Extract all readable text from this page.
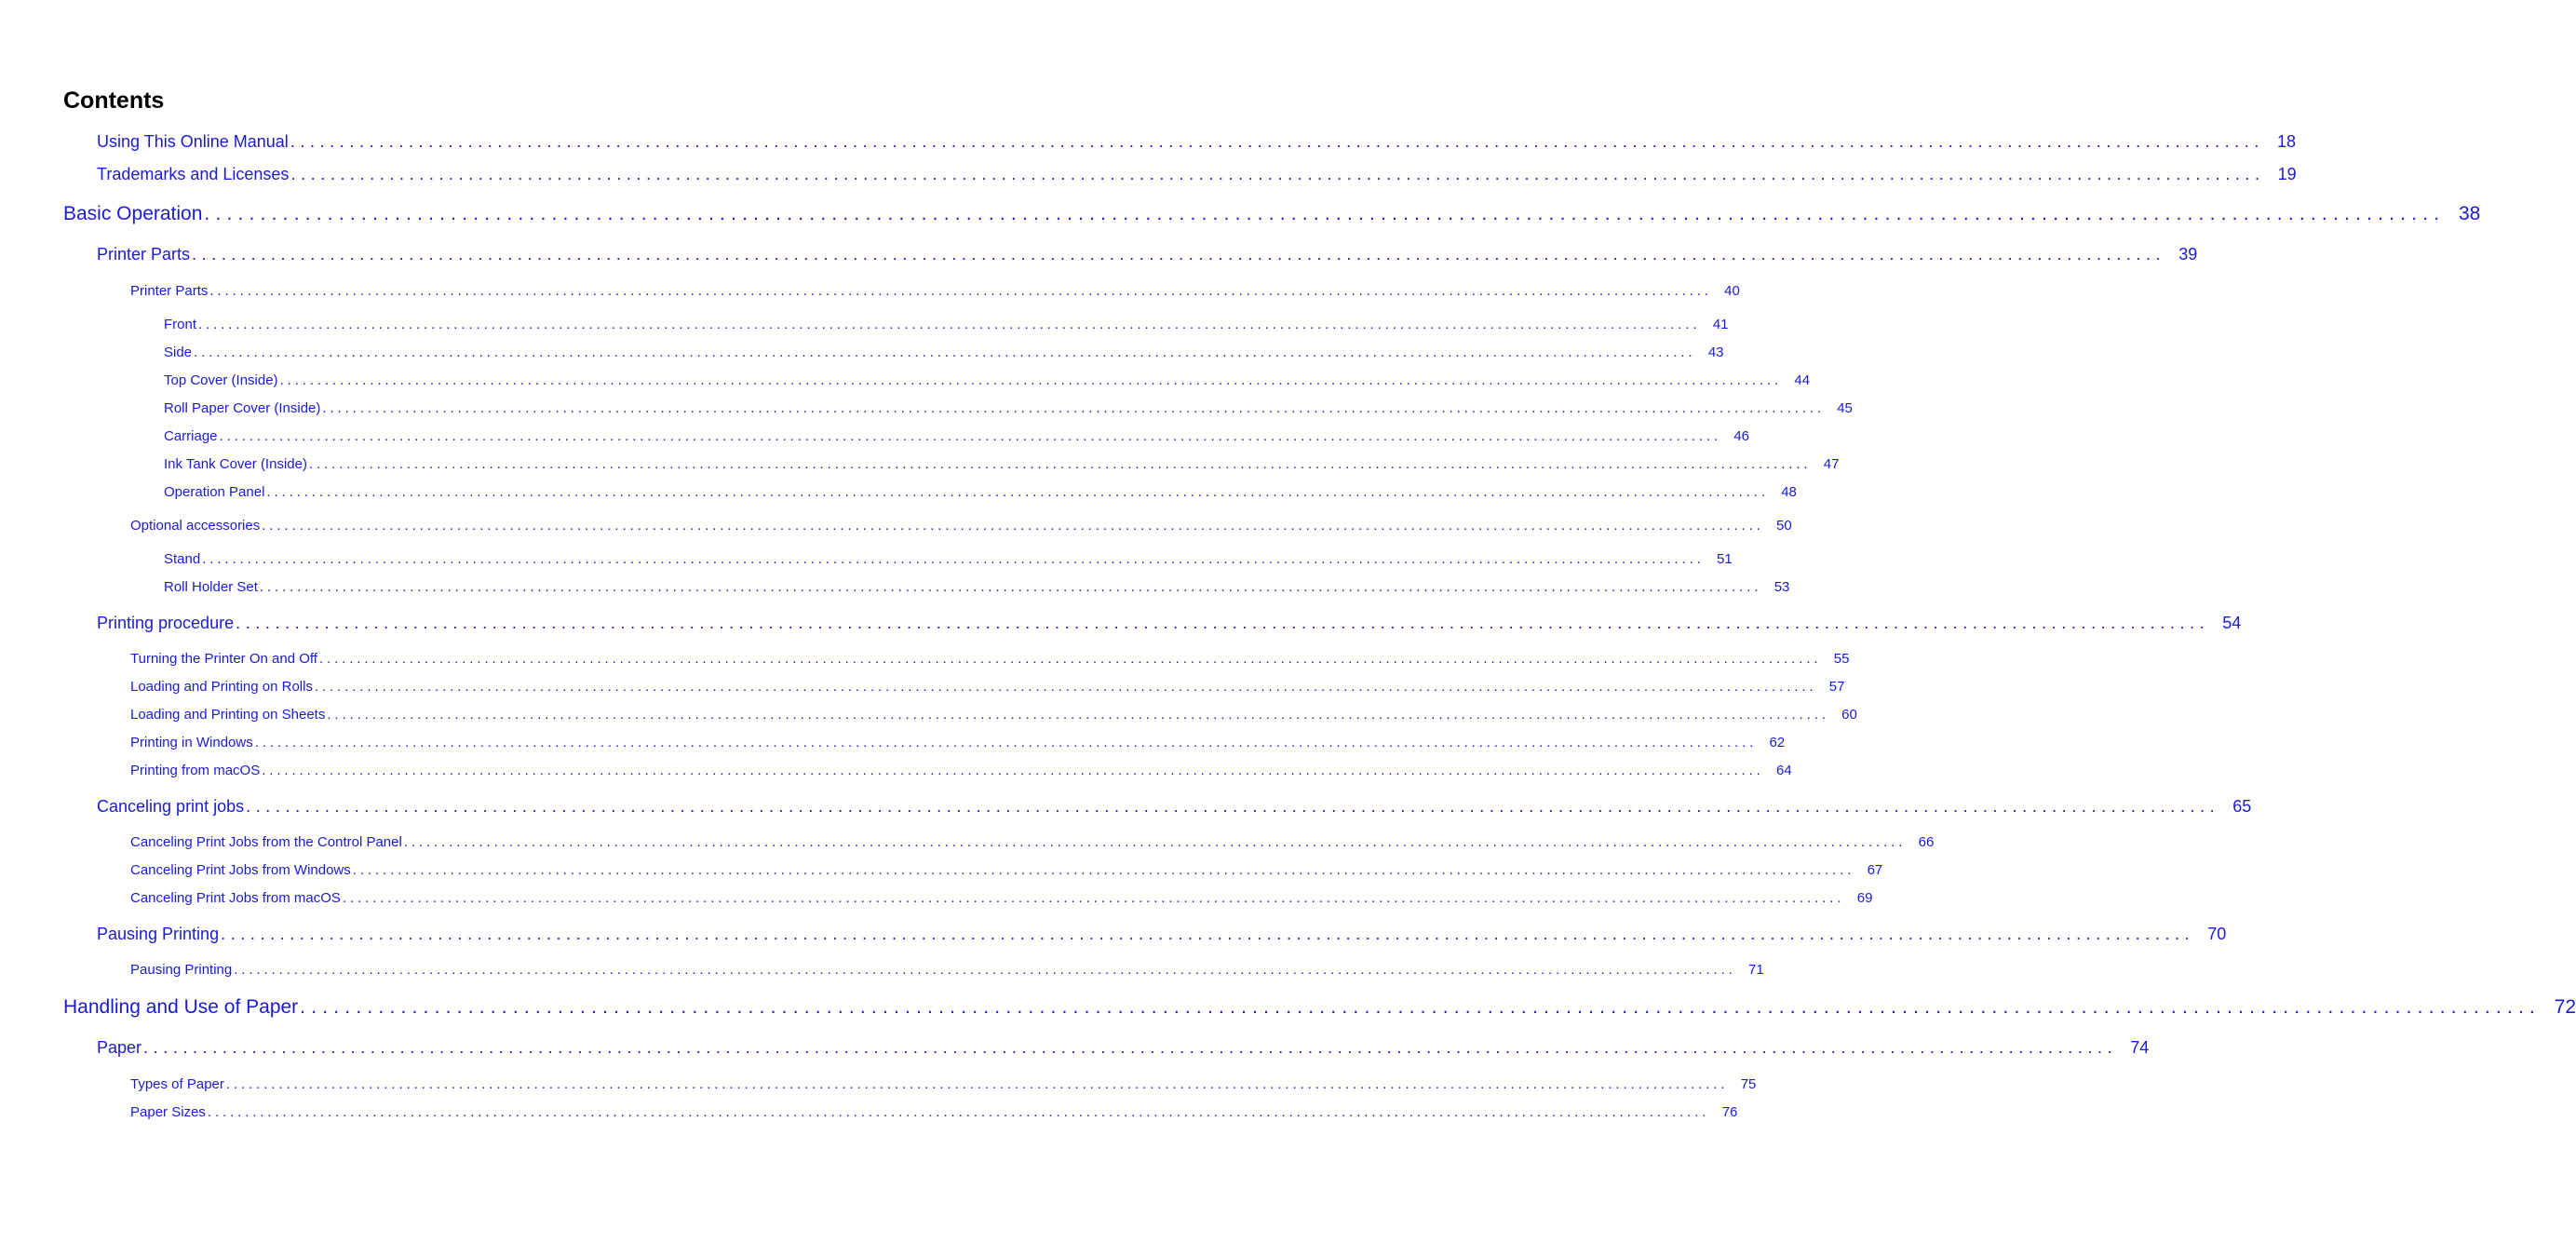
Contents
Using This Online Manual ........................................................................................................................................................................................................ 18
Trademarks and Licenses ........................................................................................................................................................................................................ 19
Basic Operation ........................................................................................................................................................................................................ 38
Printer Parts ........................................................................................................................................................................................................ 39
Printer Parts ........................................................................................................................................................................................................ 40
Front ........................................................................................................................................................................................................ 41
Side ........................................................................................................................................................................................................ 43
Top Cover (Inside) ........................................................................................................................................................................................................ 44
Roll Paper Cover (Inside) ........................................................................................................................................................................................................ 45
Carriage ........................................................................................................................................................................................................ 46
Ink Tank Cover (Inside) ........................................................................................................................................................................................................ 47
Operation Panel ........................................................................................................................................................................................................ 48
Optional accessories ........................................................................................................................................................................................................ 50
Stand ........................................................................................................................................................................................................ 51
Roll Holder Set ........................................................................................................................................................................................................ 53
Printing procedure ........................................................................................................................................................................................................ 54
Turning the Printer On and Off ........................................................................................................................................................................................................ 55
Loading and Printing on Rolls ........................................................................................................................................................................................................ 57
Loading and Printing on Sheets ........................................................................................................................................................................................................ 60
Printing in Windows ........................................................................................................................................................................................................ 62
Printing from macOS ........................................................................................................................................................................................................ 64
Canceling print jobs ........................................................................................................................................................................................................ 65
Canceling Print Jobs from the Control Panel ........................................................................................................................................................................................................ 66
Canceling Print Jobs from Windows ........................................................................................................................................................................................................ 67
Canceling Print Jobs from macOS ........................................................................................................................................................................................................ 69
Pausing Printing ........................................................................................................................................................................................................ 70
Pausing Printing ........................................................................................................................................................................................................ 71
Handling and Use of Paper ........................................................................................................................................................................................................ 72
Paper ........................................................................................................................................................................................................ 74
Types of Paper ........................................................................................................................................................................................................ 75
Paper Sizes ........................................................................................................................................................................................................ 76
